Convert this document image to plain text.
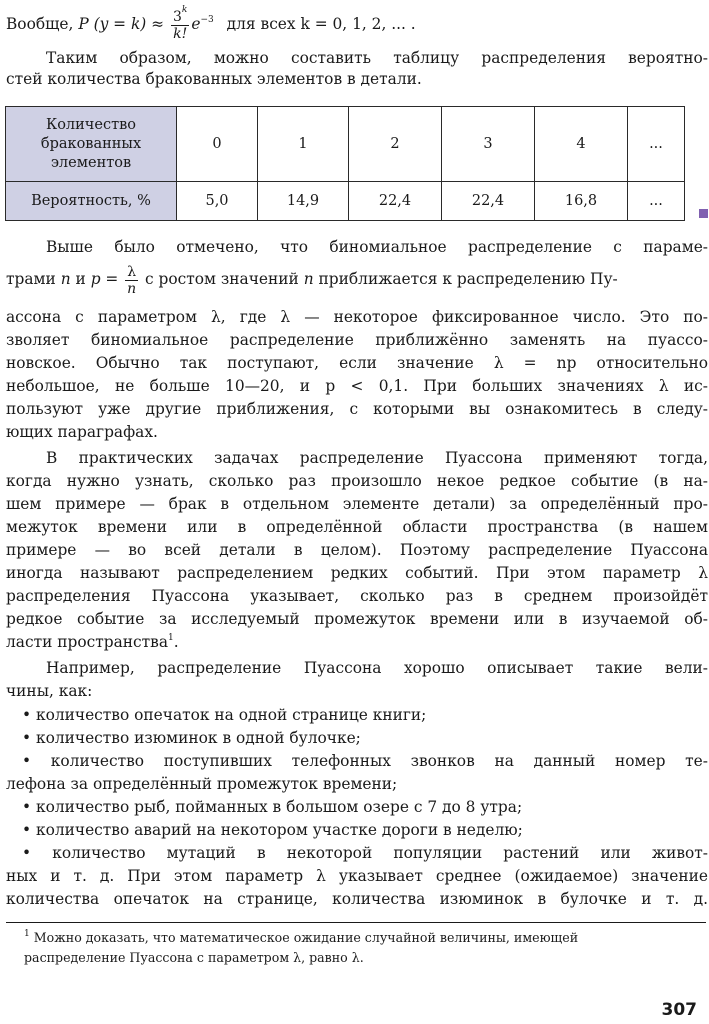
Вообще, P $(y = k) \approx \frac{3^k}{k!} e^{-3}$ для всех k = 0, 1, 2, ... .
Таким образом, можно составить таблицу распределения вероятно-
стей количества бракованных элементов в детали.
Количество
бракованных
элементов	0	1	2	3	4	...
Вероятность, %	5,0	14,9	22,4	22,4	16,8	...
Выше было отмечено, что биномиальное распределение с параме-
трами n и $p = \frac{\lambda}{n}$ с ростом значений n приближается к распределению Пу-
ассона с параметром λ, где λ — некоторое фиксированное число. Это по-
зволяет биномиальное распределение приближённо заменять на пуассо-
новское. Обычно так поступают, если значение λ = np относительно
небольшое, не больше 10—20, и p < 0,1. При больших значениях λ ис-
пользуют уже другие приближения, с которыми вы ознакомитесь в следу-
ющих параграфах.
В практических задачах распределение Пуассона применяют тогда,
когда нужно узнать, сколько раз произошло некое редкое событие (в на-
шем примере — брак в отдельном элементе детали) за определённый про-
межуток времени или в определённой области пространства (в нашем
примере — во всей детали в целом). Поэтому распределение Пуассона
иногда называют распределением редких событий. При этом параметр λ
распределения Пуассона указывает, сколько раз в среднем произойдёт
редкое событие за исследуемый промежуток времени или в изучаемой об-
ласти пространства$^1$.
Например, распределение Пуассона хорошо описывает такие вели-
чины, как:
• количество опечаток на одной странице книги;
• количество изюминок в одной булочке;
• количество поступивших телефонных звонков на данный номер те-
лефона за определённый промежуток времени;
• количество рыб, пойманных в большом озере с 7 до 8 утра;
• количество аварий на некотором участке дороги в неделю;
• количество мутаций в некоторой популяции растений или живот-
ных и т. д. При этом параметр λ указывает среднее (ожидаемое) значение
количества опечаток на странице, количества изюминок в булочке и т. д.
$^1$ Можно доказать, что математическое ожидание случайной величины, имеющей
распределение Пуассона с параметром λ, равно λ.
307
